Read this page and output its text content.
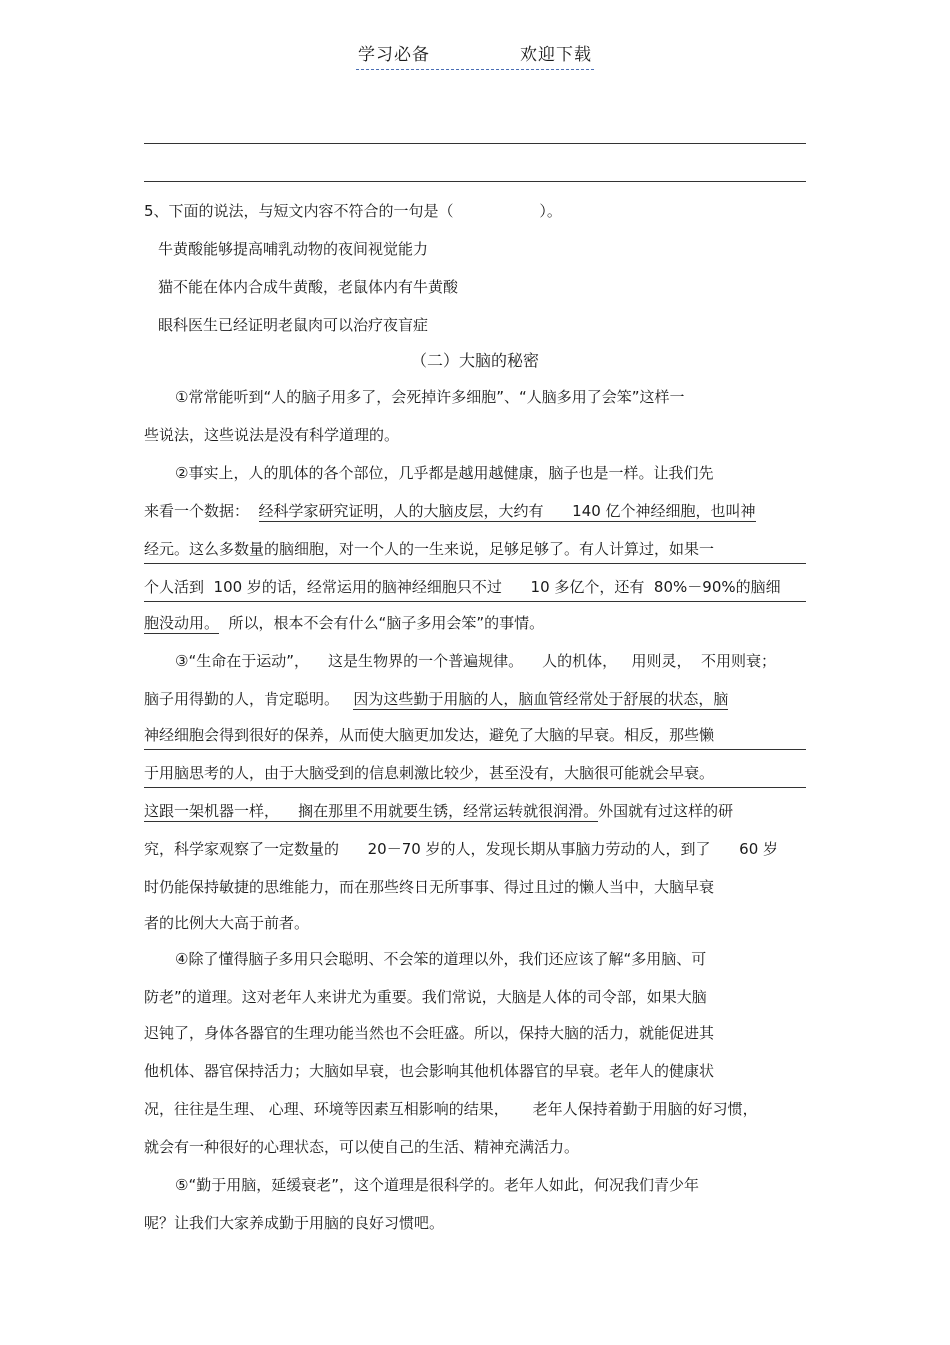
学习必备	欢迎下载
5、下面的说法，与短文内容不符合的一句是（                  ）。
牛黄酸能够提高哺乳动物的夜间视觉能力
猫不能在体内合成牛黄酸，老鼠体内有牛黄酸
眼科医生已经证明老鼠肉可以治疗夜盲症
（二）大脑的秘密
①常常能听到“人的脑子用多了，会死掉许多细胞”、“人脑多用了会笨”这样一
些说法，这些说法是没有科学道理的。
②事实上，人的肌体的各个部位，几乎都是越用越健康，脑子也是一样。让我们先
来看一个数据：  经科学家研究证明，人的大脑皮层，大约有      140 亿个神经细胞，也叫神
经元。这么多数量的脑细胞，对一个人的一生来说，足够足够了。有人计算过，如果一
个人活到  100 岁的话，经常运用的脑神经细胞只不过      10 多亿个，还有  80%－90%的脑细
胞没动用。  所以，根本不会有什么“脑子多用会笨”的事情。
③“生命在于运动”，    这是生物界的一个普遍规律。    人的机体，   用则灵，  不用则衰；
脑子用得勤的人，肯定聪明。   因为这些勤于用脑的人，脑血管经常处于舒展的状态，脑
神经细胞会得到很好的保养，从而使大脑更加发达，避免了大脑的早衰。相反，那些懒
于用脑思考的人，由于大脑受到的信息刺激比较少，甚至没有，大脑很可能就会早衰。
这跟一架机器一样，    搁在那里不用就要生锈，经常运转就很润滑。外国就有过这样的研
究，科学家观察了一定数量的      20－70 岁的人，发现长期从事脑力劳动的人，到了      60 岁
时仍能保持敏捷的思维能力，而在那些终日无所事事、得过且过的懒人当中，大脑早衰
者的比例大大高于前者。
④除了懂得脑子多用只会聪明、不会笨的道理以外，我们还应该了解“多用脑、可
防老”的道理。这对老年人来讲尤为重要。我们常说，大脑是人体的司令部，如果大脑
迟钝了，身体各器官的生理功能当然也不会旺盛。所以，保持大脑的活力，就能促进其
他机体、器官保持活力；大脑如早衰，也会影响其他机体器官的早衰。老年人的健康状
况，往往是生理、 心理、环境等因素互相影响的结果，     老年人保持着勤于用脑的好习惯，
就会有一种很好的心理状态，可以使自己的生活、精神充满活力。
⑤“勤于用脑，延缓衰老”，这个道理是很科学的。老年人如此，何况我们青少年
呢？让我们大家养成勤于用脑的良好习惯吧。
